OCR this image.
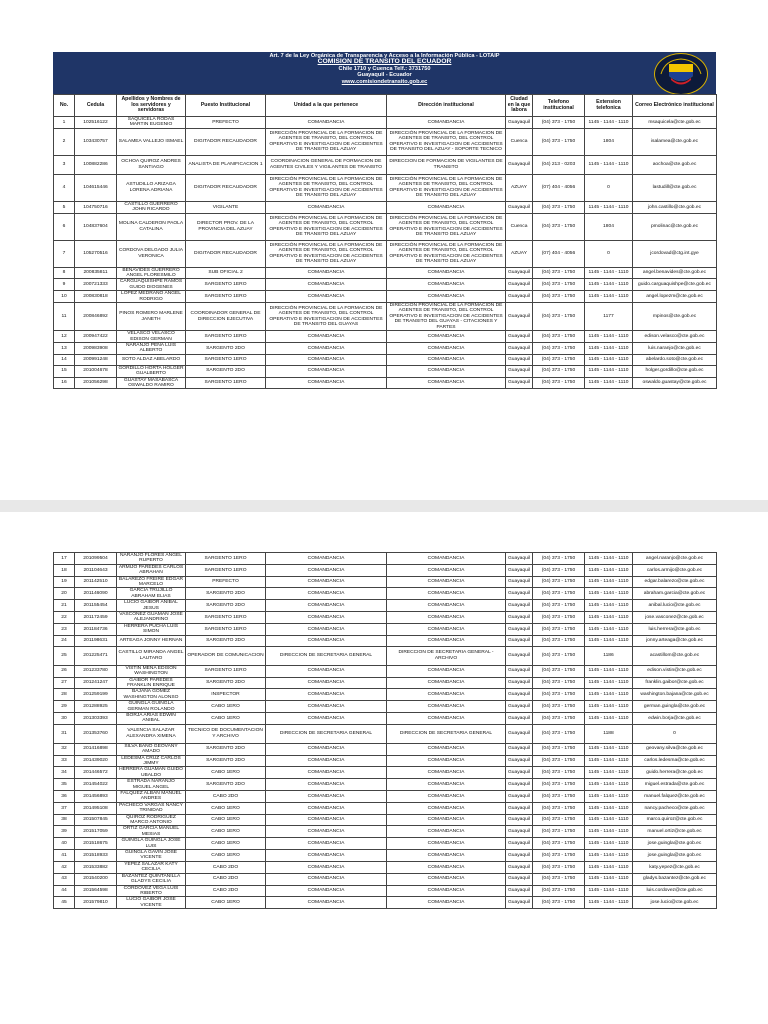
Art. 7 de la Ley Orgánica de Transparencia y Acceso a la Información Pública - LOTAIP
COMISION DE TRANSITO DEL ECUADOR
Chile 1710 y Cuenca Telf.: 3731750
Guayaquil - Ecuador
www.comisiondetransito.gob.ec
No.	Cedula	Apellidos y Nombres de los servidores y servidoras	Puesto Institucional	Unidad a la que pertenece	Dirección institucional	Ciudad en la que labora	Telefono institucional	Extension telefonica	Correo Electrónico institucional
1	102516122	SAQUICELA RODAS MARTIN EUGENIO	PREFECTO	COMANDANCIA	COMANDANCIA	Guayaquil	(04) 373 - 1750	1145 - 1144 - 1110	msaquicela@cte.gob.ec
2	103430757	SALAMEA VALLEJO ISMAEL	DIGITADOR RECAUDADOR	DIRECCIÓN PROVINCIAL DE LA FORMACION DE AGENTES DE TRANSITO, DEL CONTROL OPERATIVO E INVESTIGACION DE ACCIDENTES DE TRANSITO DEL AZUAY	DIRECCIÓN PROVINCIAL DE LA FORMACION DE AGENTES DE TRANSITO, DEL CONTROL OPERATIVO E INVESTIGACION DE ACCIDENTES DE TRANSITO DEL AZUAY - SOPORTE TECNICO	Cuenca	(04) 373 - 1750	1804	isalamea@cte.gob.ec
3	100882286	OCHOA QUIROZ ANDRES SANTIAGO	ANALISTA DE PLANIFICACION 1	COORDINACION GENERAL DE FORMACION DE AGENTES CIVILES Y VIGILANTES DE TRANSITO	DIRECCION DE FORMACION DE VIGILANTES DE TRANSITO	Guayaquil	(04) 213 - 0203	1145 - 1144 - 1110	aochoa@cte.gob.ec
4	104615446	ASTUDILLO ARIZAGA LORENA ADRIANA	DIGITADOR RECAUDADOR	DIRECCIÓN PROVINCIAL DE LA FORMACION DE AGENTES DE TRANSITO, DEL CONTROL OPERATIVO E INVESTIGACION DE ACCIDENTES DE TRANSITO DEL AZUAY	DIRECCIÓN PROVINCIAL DE LA FORMACION DE AGENTES DE TRANSITO, DEL CONTROL OPERATIVO E INVESTIGACION DE ACCIDENTES DE TRANSITO DEL AZUAY	AZUAY	(07) 404 - 4056	0	lastudill@cte.gob.ec
5	104750716	CASTILLO GUERRERO JOHN RICARDO	VIGILANTE	COMANDANCIA	COMANDANCIA	Guayaquil	(04) 373 - 1750	1145 - 1144 - 1110	john.castillo@cte.gob.ec
6	104837604	MOLINA CALDERON PAOLA CATALINA	DIRECTOR PROV. DE LA PROVINCIA DEL AZUAY	DIRECCIÓN PROVINCIAL DE LA FORMACION DE AGENTES DE TRANSITO, DEL CONTROL OPERATIVO E INVESTIGACION DE ACCIDENTES DE TRANSITO DEL AZUAY	DIRECCIÓN PROVINCIAL DE LA FORMACION DE AGENTES DE TRANSITO, DEL CONTROL OPERATIVO E INVESTIGACION DE ACCIDENTES DE TRANSITO DEL AZUAY	Cuenca	(04) 373 - 1750	1804	pmolinac@cte.gob.ec
7	105270516	CORDOVA DELGADO JULIA VERONICA	DIGITADOR RECAUDADOR	DIRECCIÓN PROVINCIAL DE LA FORMACION DE AGENTES DE TRANSITO, DEL CONTROL OPERATIVO E INVESTIGACION DE ACCIDENTES DE TRANSITO DEL AZUAY	DIRECCIÓN PROVINCIAL DE LA FORMACION DE AGENTES DE TRANSITO, DEL CONTROL OPERATIVO E INVESTIGACION DE ACCIDENTES DE TRANSITO DEL AZUAY	AZUAY	(07) 404 - 4056	0	jcordovad@ctg.int.gye
8	200835811	BENAVIDES GUERRERO ANGEL FLORESMILO	SUB OFICIAL 2	COMANDANCIA	COMANDANCIA	Guayaquil	(04) 373 - 1750	1145 - 1144 - 1110	angel.benavides@cte.gob.ec
9	200721333	CARGUAQUISHPE RAMOS GUIDO DIOGENES	SARGENTO 1ERO	COMANDANCIA	COMANDANCIA	Guayaquil	(04) 373 - 1750	1145 - 1144 - 1110	guido.carguaquishpe@cte.gob.ec
10	200830818	LOPEZ MEDRANO ANGEL RODRIGO	SARGENTO 1ERO	COMANDANCIA	COMANDANCIA	Guayaquil	(04) 373 - 1750	1145 - 1144 - 1110	angel.lopezm@cte.gob.ec
11	200846892	PINOS ROMERO MARLENE JANETH	COORDINADOR GENERAL DE DIRECCION EJECUTIVA	DIRECCIÓN PROVINCIAL DE LA FORMACION DE AGENTES DE TRANSITO, DEL CONTROL OPERATIVO E INVESTIGACION DE ACCIDENTES DE TRANSITO DEL GUAYAS	DIRECCIÓN PROVINCIAL DE LA FORMACION DE AGENTES DE TRANSITO, DEL CONTROL OPERATIVO E INVESTIGACION DE ACCIDENTES DE TRANSITO DEL GUAYAS - CITACIONES Y PARTES	Guayaquil	(04) 373 - 1750	1177	mpinos@cte.gob.ec
12	200947422	VELASCO VELASCO EDISON GERMAN	SARGENTO 1ERO	COMANDANCIA	COMANDANCIA	Guayaquil	(04) 373 - 1750	1145 - 1144 - 1110	edison.velasco@cte.gob.ec
13	200983908	NARANJO PEÑA LUIS ALBERTO	SARGENTO 2DO	COMANDANCIA	COMANDANCIA	Guayaquil	(04) 373 - 1750	1145 - 1144 - 1110	luis.naranjo@cte.gob.ec
14	200991248	SOTO ALDAZ ABELARDO	SARGENTO 1ERO	COMANDANCIA	COMANDANCIA	Guayaquil	(04) 373 - 1750	1145 - 1144 - 1110	abelardo.soto@cte.gob.ec
15	201004678	GORDILLO HORTA HOLGER GUALBERTO	SARGENTO 2DO	COMANDANCIA	COMANDANCIA	Guayaquil	(04) 373 - 1750	1145 - 1144 - 1110	holger.gordillo@cte.gob.ec
16	201056298	GUASTAY MASABASCA OSWALDO RAMIRO	SARGENTO 1ERO	COMANDANCIA	COMANDANCIA	Guayaquil	(04) 373 - 1750	1145 - 1144 - 1110	oswaldo.guastay@cte.gob.ec
17	201099504	NARANJO FLORES ANGEL RUPERTO	SARGENTO 1ERO	COMANDANCIA	COMANDANCIA	Guayaquil	(04) 373 - 1750	1145 - 1144 - 1110	angel.naranjo@cte.gob.ec
18	201104643	ARMIJO PAREDES CARLOS ABRAHAN	SARGENTO 1ERO	COMANDANCIA	COMANDANCIA	Guayaquil	(04) 373 - 1750	1145 - 1144 - 1110	carlos.armijo@cte.gob.ec
19	201142510	BALAREZO FREIRE EDGAR MARCELO	PREFECTO	COMANDANCIA	COMANDANCIA	Guayaquil	(04) 373 - 1750	1145 - 1144 - 1110	edgar.balarezo@cte.gob.ec
20	201146090	GARCIA TRUJILLO ABRAHAM ELIAS	SARGENTO 2DO	COMANDANCIA	COMANDANCIA	Guayaquil	(04) 373 - 1750	1145 - 1144 - 1110	abraham.garcia@cte.gob.ec
21	201155454	LUCIO GAIBOR ANIBAL JESUS	SARGENTO 2DO	COMANDANCIA	COMANDANCIA	Guayaquil	(04) 373 - 1750	1145 - 1144 - 1110	anibal.lucio@cte.gob.ec
22	201172459	VASCONEZ GUAMAN JOSE ALEJANDRINO	SARGENTO 1ERO	COMANDANCIA	COMANDANCIA	Guayaquil	(04) 373 - 1750	1145 - 1144 - 1110	jose.vasconez@cte.gob.ec
23	201184736	HERRERA PUCHA LUIS SIMON	SARGENTO 1ERO	COMANDANCIA	COMANDANCIA	Guayaquil	(04) 373 - 1750	1145 - 1144 - 1110	luis.herrera@cte.gob.ec
24	201198631	ARTEAGA JONNY HERNAN	SARGENTO 2DO	COMANDANCIA	COMANDANCIA	Guayaquil	(04) 373 - 1750	1145 - 1144 - 1110	jonny.arteaga@cte.gob.ec
25	201225471	CASTILLO MIRANDA ANGEL LAUTARO	OPERADOR DE COMUNICACION	DIRECCION DE SECRETARIA GENERAL	DIRECCION DE SECRETARIA GENERAL - ARCHIVO	Guayaquil	(04) 373 - 1750	1186	acastillom@cte.gob.ec
26	201233780	VISTIN MENA EDISON WASHINGTON	SARGENTO 1ERO	COMANDANCIA	COMANDANCIA	Guayaquil	(04) 373 - 1750	1145 - 1144 - 1110	edison.vistin@cte.gob.ec
27	201241247	GAIBOR PAREDES FRANKLIN ENRIQUE	SARGENTO 2DO	COMANDANCIA	COMANDANCIA	Guayaquil	(04) 373 - 1750	1145 - 1144 - 1110	franklin.gaibor@cte.gob.ec
28	201259199	BAJAÑA GOMEZ WASHINGTON ALONSO	INSPECTOR	COMANDANCIA	COMANDANCIA	Guayaquil	(04) 373 - 1750	1145 - 1144 - 1110	washington.bajana@cte.gob.ec
29	201288925	GUINGLA GUINGLA GERMAN ROLANDO	CABO 1ERO	COMANDANCIA	COMANDANCIA	Guayaquil	(04) 373 - 1750	1145 - 1144 - 1110	german.guingla@cte.gob.ec
30	201303393	BORJA ARIAS EDWIN ANIBAL	CABO 1ERO	COMANDANCIA	COMANDANCIA	Guayaquil	(04) 373 - 1750	1145 - 1144 - 1110	edwin.borja@cte.gob.ec
31	201353760	VALENCIA SALAZAR ALEXANDRA XIMENA	TECNICO DE DOCUMENTACION Y ARCHIVO	DIRECCION DE SECRETARIA GENERAL	DIRECCION DE SECRETARIA GENERAL	Guayaquil	(04) 373 - 1750	1188	0
32	201416898	SILVA BAÑO GEOVANY AMADO	SARGENTO 2DO	COMANDANCIA	COMANDANCIA	Guayaquil	(04) 373 - 1750	1145 - 1144 - 1110	geovany.silva@cte.gob.ec
33	201439020	LEDESMA CRUZ CARLOS JIMMY	SARGENTO 2DO	COMANDANCIA	COMANDANCIA	Guayaquil	(04) 373 - 1750	1145 - 1144 - 1110	carlos.ledesma@cte.gob.ec
34	201446572	HERRERA GUAMAN GUIDO UBALDO	CABO 1ERO	COMANDANCIA	COMANDANCIA	Guayaquil	(04) 373 - 1750	1145 - 1144 - 1110	guido.herrera@cte.gob.ec
35	201454022	ESTRADA NARANJO MIGUEL ANGEL	SARGENTO 2DO	COMANDANCIA	COMANDANCIA	Guayaquil	(04) 373 - 1750	1145 - 1144 - 1110	miguel.estrada@cte.gob.ec
36	201456893	FALQUEZ ALBAN MANUEL ANDRES	CABO 2DO	COMANDANCIA	COMANDANCIA	Guayaquil	(04) 373 - 1750	1145 - 1144 - 1110	manuel.falquez@cte.gob.ec
37	201495108	PACHECO VARGAS NANCY TRINIDAD	CABO 1ERO	COMANDANCIA	COMANDANCIA	Guayaquil	(04) 373 - 1750	1145 - 1144 - 1110	nancy.pacheco@cte.gob.ec
38	201507845	QUIROZ RODRIGUEZ MARCO ANTONIO	CABO 1ERO	COMANDANCIA	COMANDANCIA	Guayaquil	(04) 373 - 1750	1145 - 1144 - 1110	marco.quiroz@cte.gob.ec
39	201517059	ORTIZ GARCIA MANUEL MESIAS	CABO 1ERO	COMANDANCIA	COMANDANCIA	Guayaquil	(04) 373 - 1750	1145 - 1144 - 1110	manuel.ortiz@cte.gob.ec
40	201518675	GUINGLA GUINGLA JOSE LUIS	CABO 1ERO	COMANDANCIA	COMANDANCIA	Guayaquil	(04) 373 - 1750	1145 - 1144 - 1110	jose.guingla@cte.gob.ec
41	201518933	GUINGLA GAVIN JOSE VICENTE	CABO 1ERO	COMANDANCIA	COMANDANCIA	Guayaquil	(04) 373 - 1750	1145 - 1144 - 1110	jose.guingla@cte.gob.ec
42	201533882	YEPEZ SALAZAR KATY CECILIA	CABO 2DO	COMANDANCIA	COMANDANCIA	Guayaquil	(04) 373 - 1750	1145 - 1144 - 1110	katy.yepez@cte.gob.ec
43	201540200	BAZANTEZ QUINTANILLA GLADYS CECILIA	CABO 2DO	COMANDANCIA	COMANDANCIA	Guayaquil	(04) 373 - 1750	1145 - 1144 - 1110	gladys.bazantez@cte.gob.ec
44	201564598	CORDOVEZ VEGA LUIS RIBERTO	CABO 2DO	COMANDANCIA	COMANDANCIA	Guayaquil	(04) 373 - 1750	1145 - 1144 - 1110	luis.cordovez@cte.gob.ec
45	201579810	LUCIO GAIBOR JOSE VICENTE	CABO 1ERO	COMANDANCIA	COMANDANCIA	Guayaquil	(04) 373 - 1750	1145 - 1144 - 1110	jose.lucio@cte.gob.ec
